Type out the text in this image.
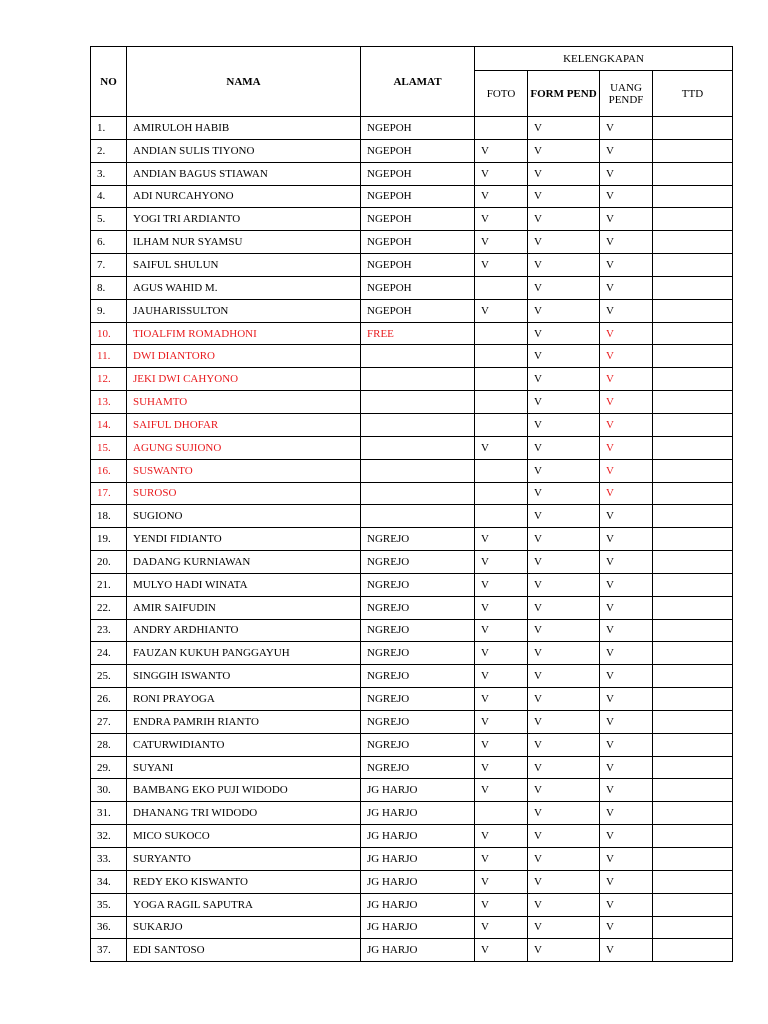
NO	NAMA	ALAMAT	KELENGKAPAN			
			FOTO	FORM PEND	UANG PENDF	TTD
1.	AMIRULOH HABIB	NGEPOH		V	V	
2.	ANDIAN SULIS TIYONO	NGEPOH	V	V	V	
3.	ANDIAN BAGUS STIAWAN	NGEPOH	V	V	V	
4.	ADI NURCAHYONO	NGEPOH	V	V	V	
5.	YOGI TRI ARDIANTO	NGEPOH	V	V	V	
6.	ILHAM NUR SYAMSU	NGEPOH	V	V	V	
7.	SAIFUL SHULUN	NGEPOH	V	V	V	
8.	AGUS WAHID M.	NGEPOH		V	V	
9.	JAUHARISSULTON	NGEPOH	V	V	V	
10.	TIOALFIM ROMADHONI	FREE		V	V	
11.	DWI DIANTORO			V	V	
12.	JEKI DWI CAHYONO			V	V	
13.	SUHAMTO			V	V	
14.	SAIFUL DHOFAR			V	V	
15.	AGUNG SUJIONO		V	V	V	
16.	SUSWANTO			V	V	
17.	SUROSO			V	V	
18.	SUGIONO			V	V	
19.	YENDI FIDIANTO	NGREJO	V	V	V	
20.	DADANG KURNIAWAN	NGREJO	V	V	V	
21.	MULYO HADI WINATA	NGREJO	V	V	V	
22.	AMIR SAIFUDIN	NGREJO	V	V	V	
23.	ANDRY ARDHIANTO	NGREJO	V	V	V	
24.	FAUZAN KUKUH PANGGAYUH	NGREJO	V	V	V	
25.	SINGGIH ISWANTO	NGREJO	V	V	V	
26.	RONI PRAYOGA	NGREJO	V	V	V	
27.	ENDRA PAMRIH RIANTO	NGREJO	V	V	V	
28.	CATURWIDIANTO	NGREJO	V	V	V	
29.	SUYANI	NGREJO	V	V	V	
30.	BAMBANG EKO PUJI WIDODO	JG HARJO	V	V	V	
31.	DHANANG TRI WIDODO	JG HARJO		V	V	
32.	MICO SUKOCO	JG HARJO	V	V	V	
33.	SURYANTO	JG HARJO	V	V	V	
34.	REDY EKO KISWANTO	JG HARJO	V	V	V	
35.	YOGA RAGIL SAPUTRA	JG HARJO	V	V	V	
36.	SUKARJO	JG HARJO	V	V	V	
37.	EDI SANTOSO	JG HARJO	V	V	V	
